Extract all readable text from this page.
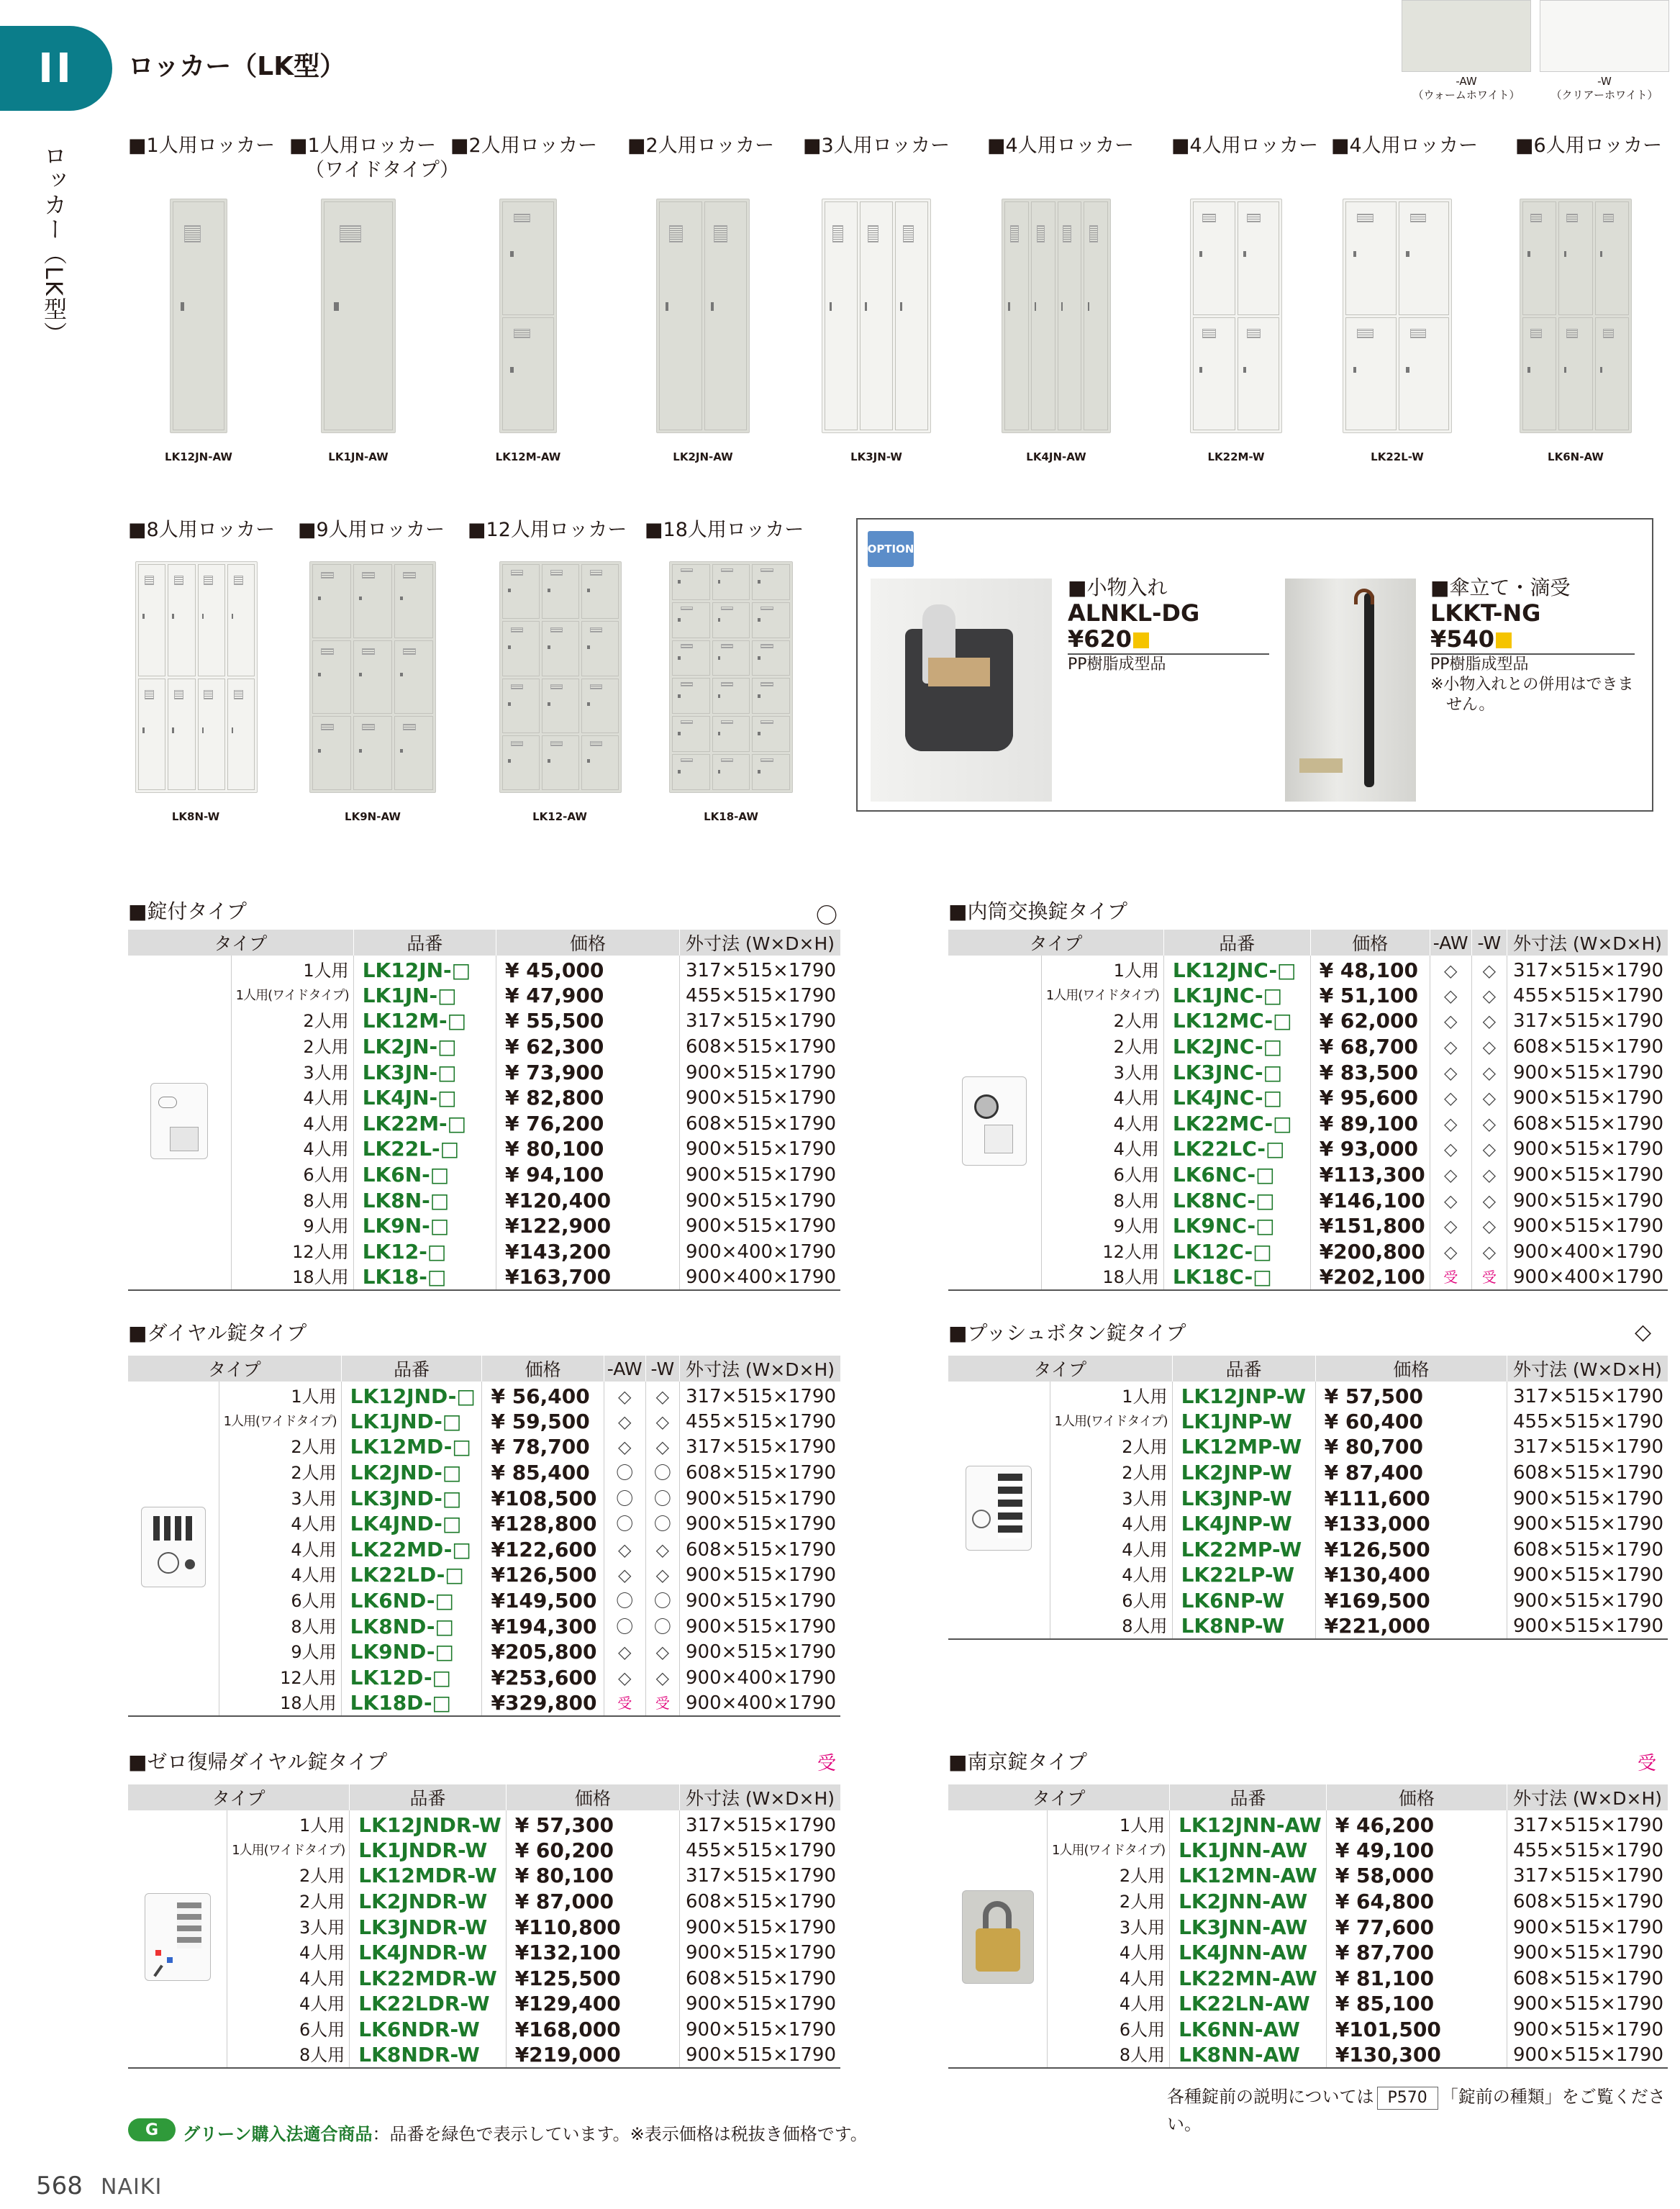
II	ロッカー（LK型）
ロッカー（LK型）
-AW
（ウォームホワイト）
-W
（クリアーホワイト）
■1人用ロッカー ■1人用ロッカー
（ワイドタイプ）
■2人用ロッカー ■2人用ロッカー ■3人用ロッカー ■4人用ロッカー ■4人用ロッカー ■4人用ロッカー ■6人用ロッカー
LK12JN-AW	LK1JN-AW	LK12M-AW	LK2JN-AW	LK3JN-W	LK4JN-AW	LK22M-W	LK22L-W	LK6N-AW
■8人用ロッカー ■9人用ロッカー ■12人用ロッカー ■18人用ロッカー
LK8N-W	LK9N-AW	LK12-AW	LK18-AW
OPTION
■小物入れ
ALNKL-DG
¥620
PP樹脂成型品
■傘立て・滴受
LKKT-NG
¥540
PP樹脂成型品
※小物入れとの併用はできま
せん。
■錠付タイプ	〇
タイプ		品番	価格	外寸法 (W×D×H)

	1人用	LK12JN-□	¥ 45,000	317×515×1790
	1人用(ワイドタイプ)	LK1JN-□	¥ 47,900	455×515×1790
	2人用	LK12M-□	¥ 55,500	317×515×1790
	2人用	LK2JN-□	¥ 62,300	608×515×1790
	3人用	LK3JN-□	¥ 73,900	900×515×1790
	4人用	LK4JN-□	¥ 82,800	900×515×1790
	4人用	LK22M-□	¥ 76,200	608×515×1790
	4人用	LK22L-□	¥ 80,100	900×515×1790
	6人用	LK6N-□	¥ 94,100	900×515×1790
	8人用	LK8N-□	¥120,400	900×515×1790
	9人用	LK9N-□	¥122,900	900×515×1790
	12人用	LK12-□	¥143,200	900×400×1790
	18人用	LK18-□	¥163,700	900×400×1790
■内筒交換錠タイプ
タイプ		品番	価格	-AW	-W	外寸法 (W×D×H)

	1人用	LK12JNC-□	¥ 48,100	◇	◇	317×515×1790
	1人用(ワイドタイプ)	LK1JNC-□	¥ 51,100	◇	◇	455×515×1790
	2人用	LK12MC-□	¥ 62,000	◇	◇	317×515×1790
	2人用	LK2JNC-□	¥ 68,700	◇	◇	608×515×1790
	3人用	LK3JNC-□	¥ 83,500	◇	◇	900×515×1790
	4人用	LK4JNC-□	¥ 95,600	◇	◇	900×515×1790
	4人用	LK22MC-□	¥ 89,100	◇	◇	608×515×1790
	4人用	LK22LC-□	¥ 93,000	◇	◇	900×515×1790
	6人用	LK6NC-□	¥113,300	◇	◇	900×515×1790
	8人用	LK8NC-□	¥146,100	◇	◇	900×515×1790
	9人用	LK9NC-□	¥151,800	◇	◇	900×515×1790
	12人用	LK12C-□	¥200,800	◇	◇	900×400×1790
	18人用	LK18C-□	¥202,100	受	受	900×400×1790
■ダイヤル錠タイプ
タイプ		品番	価格	-AW	-W	外寸法 (W×D×H)

	1人用	LK12JND-□	¥ 56,400	◇	◇	317×515×1790
	1人用(ワイドタイプ)	LK1JND-□	¥ 59,500	◇	◇	455×515×1790
	2人用	LK12MD-□	¥ 78,700	◇	◇	317×515×1790
	2人用	LK2JND-□	¥ 85,400	〇	〇	608×515×1790
	3人用	LK3JND-□	¥108,500	〇	〇	900×515×1790
	4人用	LK4JND-□	¥128,800	〇	〇	900×515×1790
	4人用	LK22MD-□	¥122,600	◇	◇	608×515×1790
	4人用	LK22LD-□	¥126,500	◇	◇	900×515×1790
	6人用	LK6ND-□	¥149,500	〇	〇	900×515×1790
	8人用	LK8ND-□	¥194,300	〇	〇	900×515×1790
	9人用	LK9ND-□	¥205,800	◇	◇	900×515×1790
	12人用	LK12D-□	¥253,600	◇	◇	900×400×1790
	18人用	LK18D-□	¥329,800	受	受	900×400×1790
■プッシュボタン錠タイプ	◇
タイプ		品番	価格	外寸法 (W×D×H)

	1人用	LK12JNP-W	¥ 57,500	317×515×1790
	1人用(ワイドタイプ)	LK1JNP-W	¥ 60,400	455×515×1790
	2人用	LK12MP-W	¥ 80,700	317×515×1790
	2人用	LK2JNP-W	¥ 87,400	608×515×1790
	3人用	LK3JNP-W	¥111,600	900×515×1790
	4人用	LK4JNP-W	¥133,000	900×515×1790
	4人用	LK22MP-W	¥126,500	608×515×1790
	4人用	LK22LP-W	¥130,400	900×515×1790
	6人用	LK6NP-W	¥169,500	900×515×1790
	8人用	LK8NP-W	¥221,000	900×515×1790
■ゼロ復帰ダイヤル錠タイプ	受
タイプ		品番	価格	外寸法 (W×D×H)

	1人用	LK12JNDR-W	¥ 57,300	317×515×1790
	1人用(ワイドタイプ)	LK1JNDR-W	¥ 60,200	455×515×1790
	2人用	LK12MDR-W	¥ 80,100	317×515×1790
	2人用	LK2JNDR-W	¥ 87,000	608×515×1790
	3人用	LK3JNDR-W	¥110,800	900×515×1790
	4人用	LK4JNDR-W	¥132,100	900×515×1790
	4人用	LK22MDR-W	¥125,500	608×515×1790
	4人用	LK22LDR-W	¥129,400	900×515×1790
	6人用	LK6NDR-W	¥168,000	900×515×1790
	8人用	LK8NDR-W	¥219,000	900×515×1790
■南京錠タイプ	受
タイプ		品番	価格	外寸法 (W×D×H)

	1人用	LK12JNN-AW	¥ 46,200	317×515×1790
	1人用(ワイドタイプ)	LK1JNN-AW	¥ 49,100	455×515×1790
	2人用	LK12MN-AW	¥ 58,000	317×515×1790
	2人用	LK2JNN-AW	¥ 64,800	608×515×1790
	3人用	LK3JNN-AW	¥ 77,600	900×515×1790
	4人用	LK4JNN-AW	¥ 87,700	900×515×1790
	4人用	LK22MN-AW	¥ 81,100	608×515×1790
	4人用	LK22LN-AW	¥ 85,100	900×515×1790
	6人用	LK6NN-AW	¥101,500	900×515×1790
	8人用	LK8NN-AW	¥130,300	900×515×1790
各種錠前の説明については P570 「錠前の種類」をご覧ください。
G	グリーン購入法適合商品：品番を緑色で表示しています。※表示価格は税抜き価格です。
568 NAIKI
